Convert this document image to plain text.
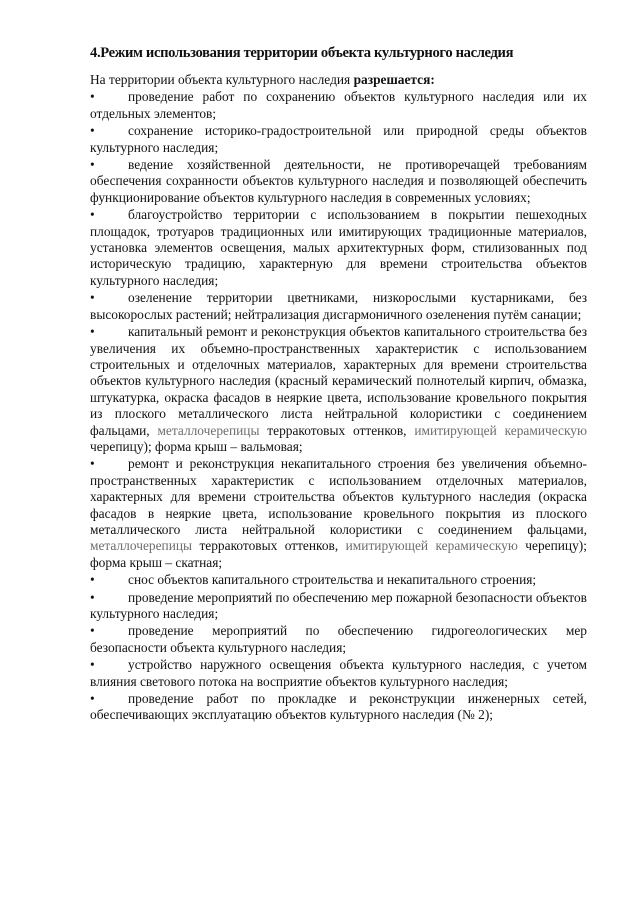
4.Режим использования территории объекта культурного наследия
На территории объекта культурного наследия разрешается:
• проведение работ по сохранению объектов культурного наследия или их отдельных элементов;
• сохранение историко-градостроительной или природной среды объектов культурного наследия;
• ведение хозяйственной деятельности, не противоречащей требованиям обеспечения сохранности объектов культурного наследия и позволяющей обеспечить функционирование объектов культурного наследия в современных условиях;
• благоустройство территории с использованием в покрытии пешеходных площадок, тротуаров традиционных или имитирующих традиционные материалов, установка элементов освещения, малых архитектурных форм, стилизованных под историческую традицию, характерную для времени строительства объектов культурного наследия;
• озеленение территории цветниками, низкорослыми кустарниками, без высокорослых растений; нейтрализация дисгармоничного озеленения путём санации;
• капитальный ремонт и реконструкция объектов капитального строительства без увеличения их объемно-пространственных характеристик с использованием строительных и отделочных материалов, характерных для времени строительства объектов культурного наследия (красный керамический полнотелый кирпич, обмазка, штукатурка, окраска фасадов в неяркие цвета, использование кровельного покрытия из плоского металлического листа нейтральной колористики с соединением фальцами, металлочерепицы терракотовых оттенков, имитирующей керамическую черепицу); форма крыш – вальмовая;
• ремонт и реконструкция некапитального строения без увеличения объемно-пространственных характеристик с использованием отделочных материалов, характерных для времени строительства объектов культурного наследия (окраска фасадов в неяркие цвета, использование кровельного покрытия из плоского металлического листа нейтральной колористики с соединением фальцами, металлочерепицы терракотовых оттенков, имитирующей керамическую черепицу); форма крыш – скатная;
• снос объектов капитального строительства и некапитального строения;
• проведение мероприятий по обеспечению мер пожарной безопасности объектов культурного наследия;
• проведение мероприятий по обеспечению гидрогеологических мер безопасности объекта культурного наследия;
• устройство наружного освещения объекта культурного наследия, с учетом влияния светового потока на восприятие объектов культурного наследия;
• проведение работ по прокладке и реконструкции инженерных сетей, обеспечивающих эксплуатацию объектов культурного наследия (№ 2);
